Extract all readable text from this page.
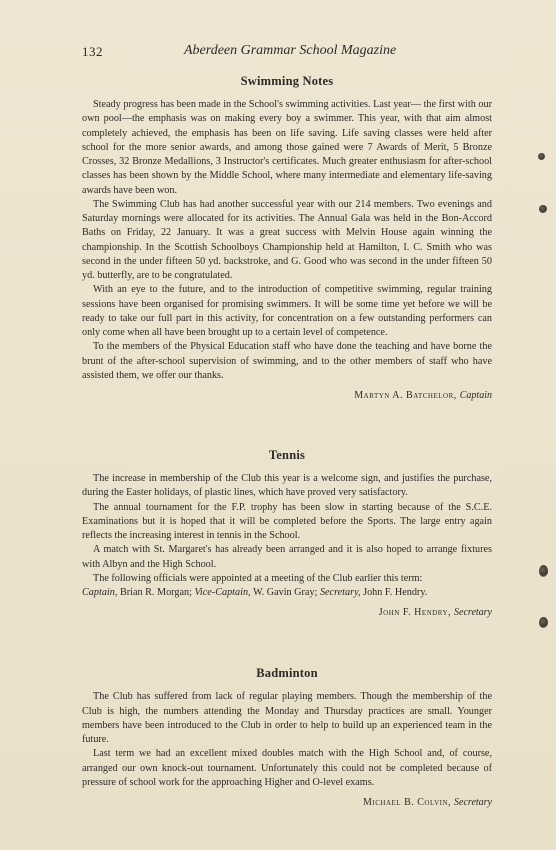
132	Aberdeen Grammar School Magazine
Swimming Notes

Steady progress has been made in the School's swimming activities. Last year— the first with our own pool—the emphasis was on making every boy a swimmer. This year, with that aim almost completely achieved, the emphasis has been on life saving. Life saving classes were held after school for the more senior awards, and among those gained were 7 Awards of Merit, 5 Bronze Crosses, 32 Bronze Medallions, 3 Instructor's certificates. Much greater enthusiasm for after-school classes has been shown by the Middle School, where many intermediate and elementary life-saving awards have been won.

The Swimming Club has had another successful year with our 214 members. Two evenings and Saturday mornings were allocated for its activities. The Annual Gala was held in the Bon-Accord Baths on Friday, 22 January. It was a great success with Melvin House again winning the championship. In the Scottish Schoolboys Championship held at Hamilton, I. C. Smith who was second in the under fifteen 50 yd. backstroke, and G. Good who was second in the under fifteen 50 yd. butterfly, are to be congratulated.

With an eye to the future, and to the introduction of competitive swimming, regular training sessions have been organised for promising swimmers. It will be some time yet before we will be ready to take our full part in this activity, for concentration on a few outstanding performers can only come when all have been brought up to a certain level of competence.

To the members of the Physical Education staff who have done the teaching and have borne the brunt of the after-school supervision of swimming, and to the other members of staff who have assisted them, we offer our thanks.

Martyn A. Batchelor, Captain
Tennis

The increase in membership of the Club this year is a welcome sign, and justifies the purchase, during the Easter holidays, of plastic lines, which have proved very satisfactory.

The annual tournament for the F.P. trophy has been slow in starting because of the S.C.E. Examinations but it is hoped that it will be completed before the Sports. The large entry again reflects the increasing interest in tennis in the School.

A match with St. Margaret's has already been arranged and it is also hoped to arrange fixtures with Albyn and the High School.

The following officials were appointed at a meeting of the Club earlier this term:

Captain, Brian R. Morgan; Vice-Captain, W. Gavin Gray; Secretary, John F. Hendry.

John F. Hendry, Secretary
Badminton

The Club has suffered from lack of regular playing members. Though the membership of the Club is high, the numbers attending the Monday and Thursday practices are small. Younger members have been introduced to the Club in order to help to build up an experienced team in the future.

Last term we had an excellent mixed doubles match with the High School and, of course, arranged our own knock-out tournament. Unfortunately this could not be completed because of pressure of school work for the approaching Higher and O-level exams.

Michael B. Colvin, Secretary
